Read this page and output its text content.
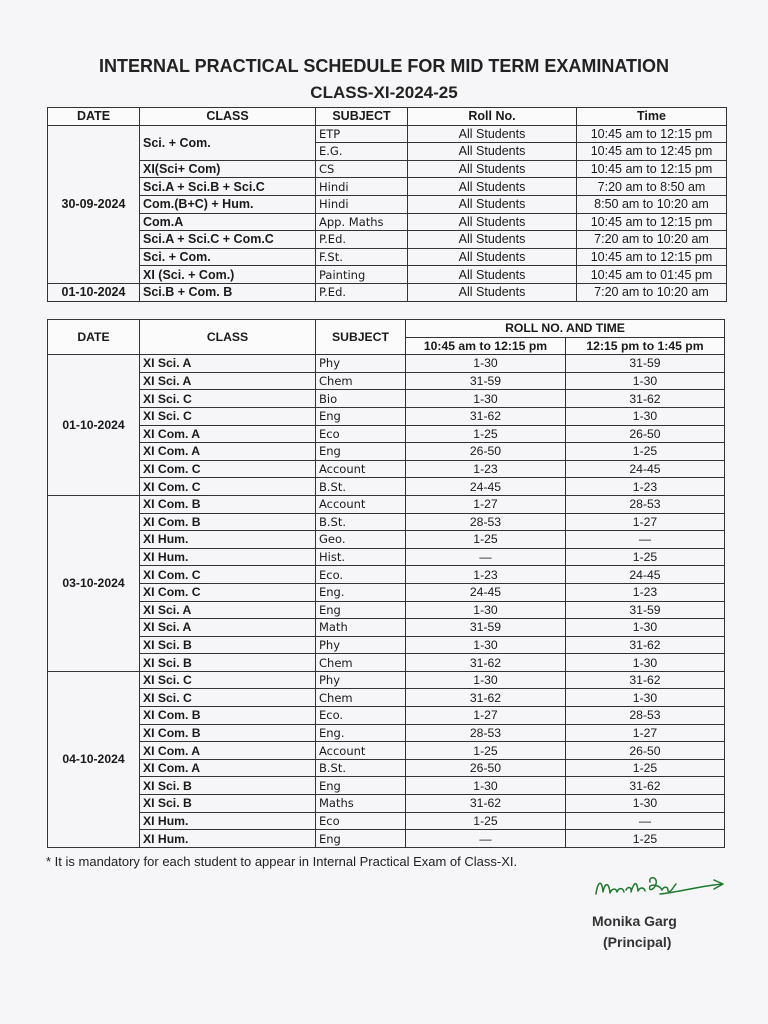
INTERNAL PRACTICAL SCHEDULE FOR MID TERM EXAMINATION
CLASS-XI-2024-25
DATE	CLASS	SUBJECT	Roll No.	Time
30-09-2024	Sci. + Com.	ETP	All Students	10:45 am to 12:15 pm
		E.G.	All Students	10:45 am to 12:45 pm
	XI(Sci+ Com)	CS	All Students	10:45 am to 12:15 pm
	Sci.A + Sci.B + Sci.C	Hindi	All Students	7:20 am to 8:50 am
	Com.(B+C) + Hum.	Hindi	All Students	8:50 am to 10:20 am
	Com.A	App. Maths	All Students	10:45 am to 12:15 pm
	Sci.A + Sci.C + Com.C	P.Ed.	All Students	7:20 am to 10:20 am
	Sci. + Com.	F.St.	All Students	10:45 am to 12:15 pm
	XI (Sci. + Com.)	Painting	All Students	10:45 am to 01:45 pm
01-10-2024	Sci.B + Com. B	P.Ed.	All Students	7:20 am to 10:20 am
DATE	CLASS	SUBJECT	ROLL NO. AND TIME	
			10:45 am to 12:15 pm	12:15 pm to 1:45 pm
01-10-2024	XI Sci. A	Phy	1-30	31-59
	XI Sci. A	Chem	31-59	1-30
	XI Sci. C	Bio	1-30	31-62
	XI Sci. C	Eng	31-62	1-30
	XI Com. A	Eco	1-25	26-50
	XI Com. A	Eng	26-50	1-25
	XI Com. C	Account	1-23	24-45
	XI Com. C	B.St.	24-45	1-23
03-10-2024	XI Com. B	Account	1-27	28-53
	XI Com. B	B.St.	28-53	1-27
	XI Hum.	Geo.	1-25	—
	XI Hum.	Hist.	—	1-25
	XI Com. C	Eco.	1-23	24-45
	XI Com. C	Eng.	24-45	1-23
	XI Sci. A	Eng	1-30	31-59
	XI Sci. A	Math	31-59	1-30
	XI Sci. B	Phy	1-30	31-62
	XI Sci. B	Chem	31-62	1-30
04-10-2024	XI Sci. C	Phy	1-30	31-62
	XI Sci. C	Chem	31-62	1-30
	XI Com. B	Eco.	1-27	28-53
	XI Com. B	Eng.	28-53	1-27
	XI Com. A	Account	1-25	26-50
	XI Com. A	B.St.	26-50	1-25
	XI Sci. B	Eng	1-30	31-62
	XI Sci. B	Maths	31-62	1-30
	XI Hum.	Eco	1-25	—
	XI Hum.	Eng	—	1-25
* It is mandatory for each student to appear in Internal Practical Exam of Class-XI.
Monika Garg
(Principal)
